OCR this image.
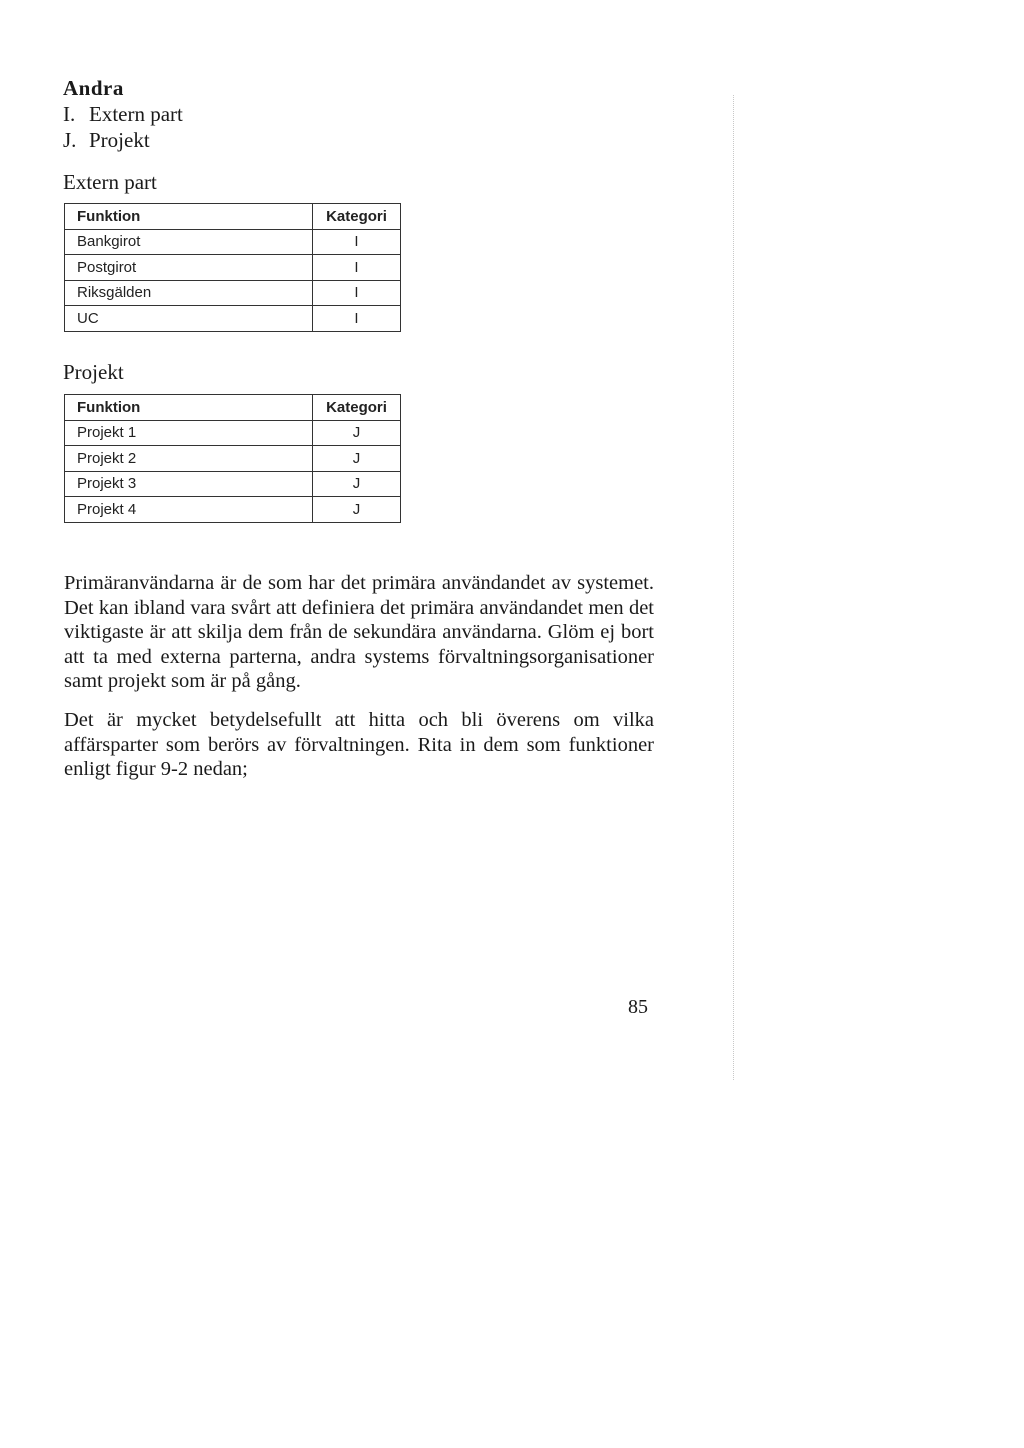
Andra
I. Extern part
J. Projekt
Extern part
Funktion	Kategori
Bankgirot	I
Postgirot	I
Riksgälden	I
UC	I
Projekt
Funktion	Kategori
Projekt 1	J
Projekt 2	J
Projekt 3	J
Projekt 4	J
Primäranvändarna är de som har det primära användandet av systemet. Det kan ibland vara svårt att definiera det primära användandet men det viktigaste är att skilja dem från de sekundära användarna. Glöm ej bort att ta med externa parterna, andra systems förvaltningsorganisationer samt projekt som är på gång.
Det är mycket betydelsefullt att hitta och bli överens om vilka affärsparter som berörs av förvaltningen. Rita in dem som funktioner enligt figur 9-2 nedan;
85
